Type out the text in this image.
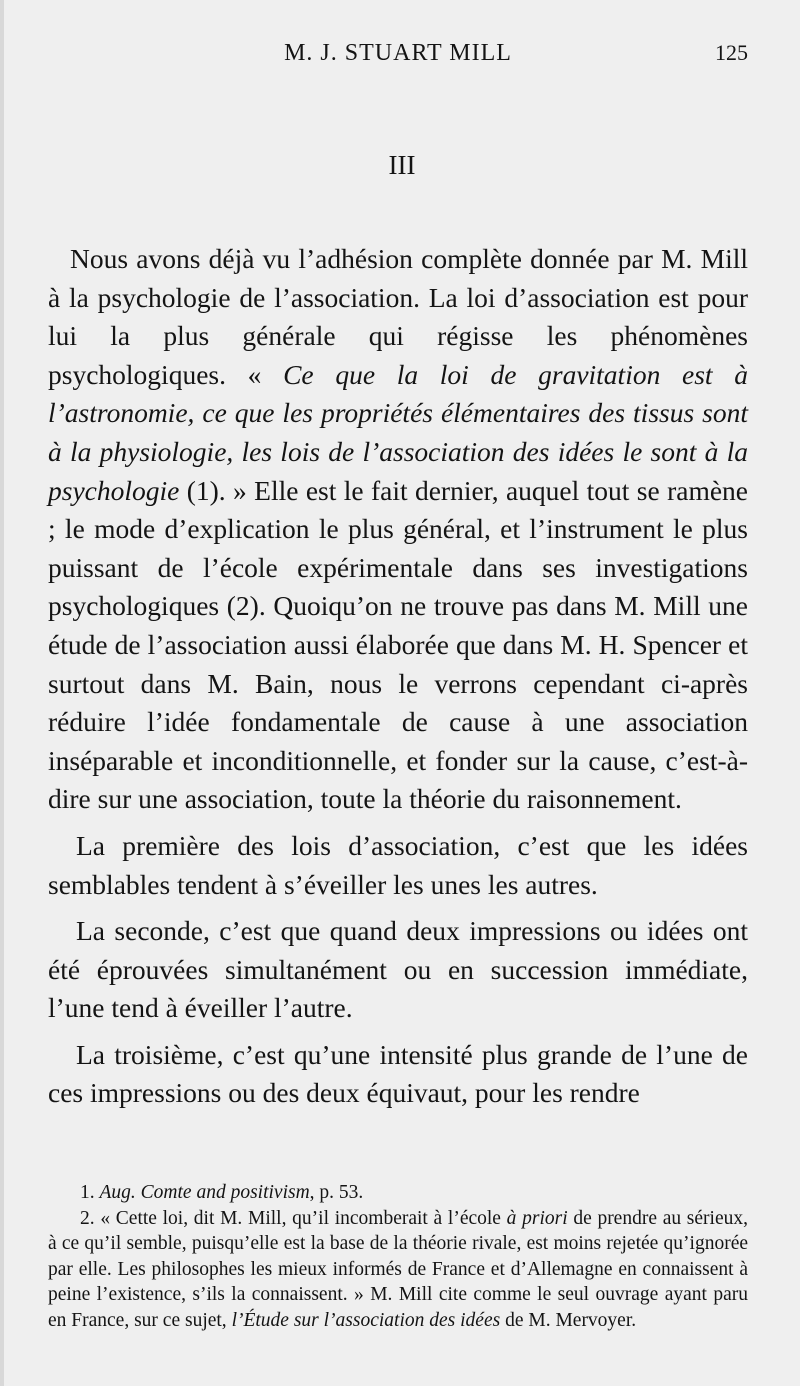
M. J. STUART MILL	125
III

Nous avons déjà vu l’adhésion complète donnée par M. Mill à la psychologie de l’association. La loi d’association est pour lui la plus générale qui régisse les phénomènes psychologiques. « Ce que la loi de gravitation est à l’astronomie, ce que les propriétés élémentaires des tissus sont à la physiologie, les lois de l’association des idées le sont à la psychologie (1). » Elle est le fait dernier, auquel tout se ramène ; le mode d’explication le plus général, et l’instrument le plus puissant de l’école expérimentale dans ses investigations psychologiques (2). Quoiqu’on ne trouve pas dans M. Mill une étude de l’association aussi élaborée que dans M. H. Spencer et surtout dans M. Bain, nous le verrons cependant ci-après réduire l’idée fondamentale de cause à une association inséparable et inconditionnelle, et fonder sur la cause, c’est-à-dire sur une association, toute la théorie du raisonnement.

La première des lois d’association, c’est que les idées semblables tendent à s’éveiller les unes les autres.

La seconde, c’est que quand deux impressions ou idées ont été éprouvées simultanément ou en succession immédiate, l’une tend à éveiller l’autre.

La troisième, c’est qu’une intensité plus grande de l’une de ces impressions ou des deux équivaut, pour les rendre

1. Aug. Comte and positivism, p. 53.

2. « Cette loi, dit M. Mill, qu’il incomberait à l’école à priori de prendre au sérieux, à ce qu’il semble, puisqu’elle est la base de la théorie rivale, est moins rejetée qu’ignorée par elle. Les philosophes les mieux informés de France et d’Allemagne en connaissent à peine l’existence, s’ils la connaissent. » M. Mill cite comme le seul ouvrage ayant paru en France, sur ce sujet, l’Étude sur l’association des idées de M. Mervoyer.
